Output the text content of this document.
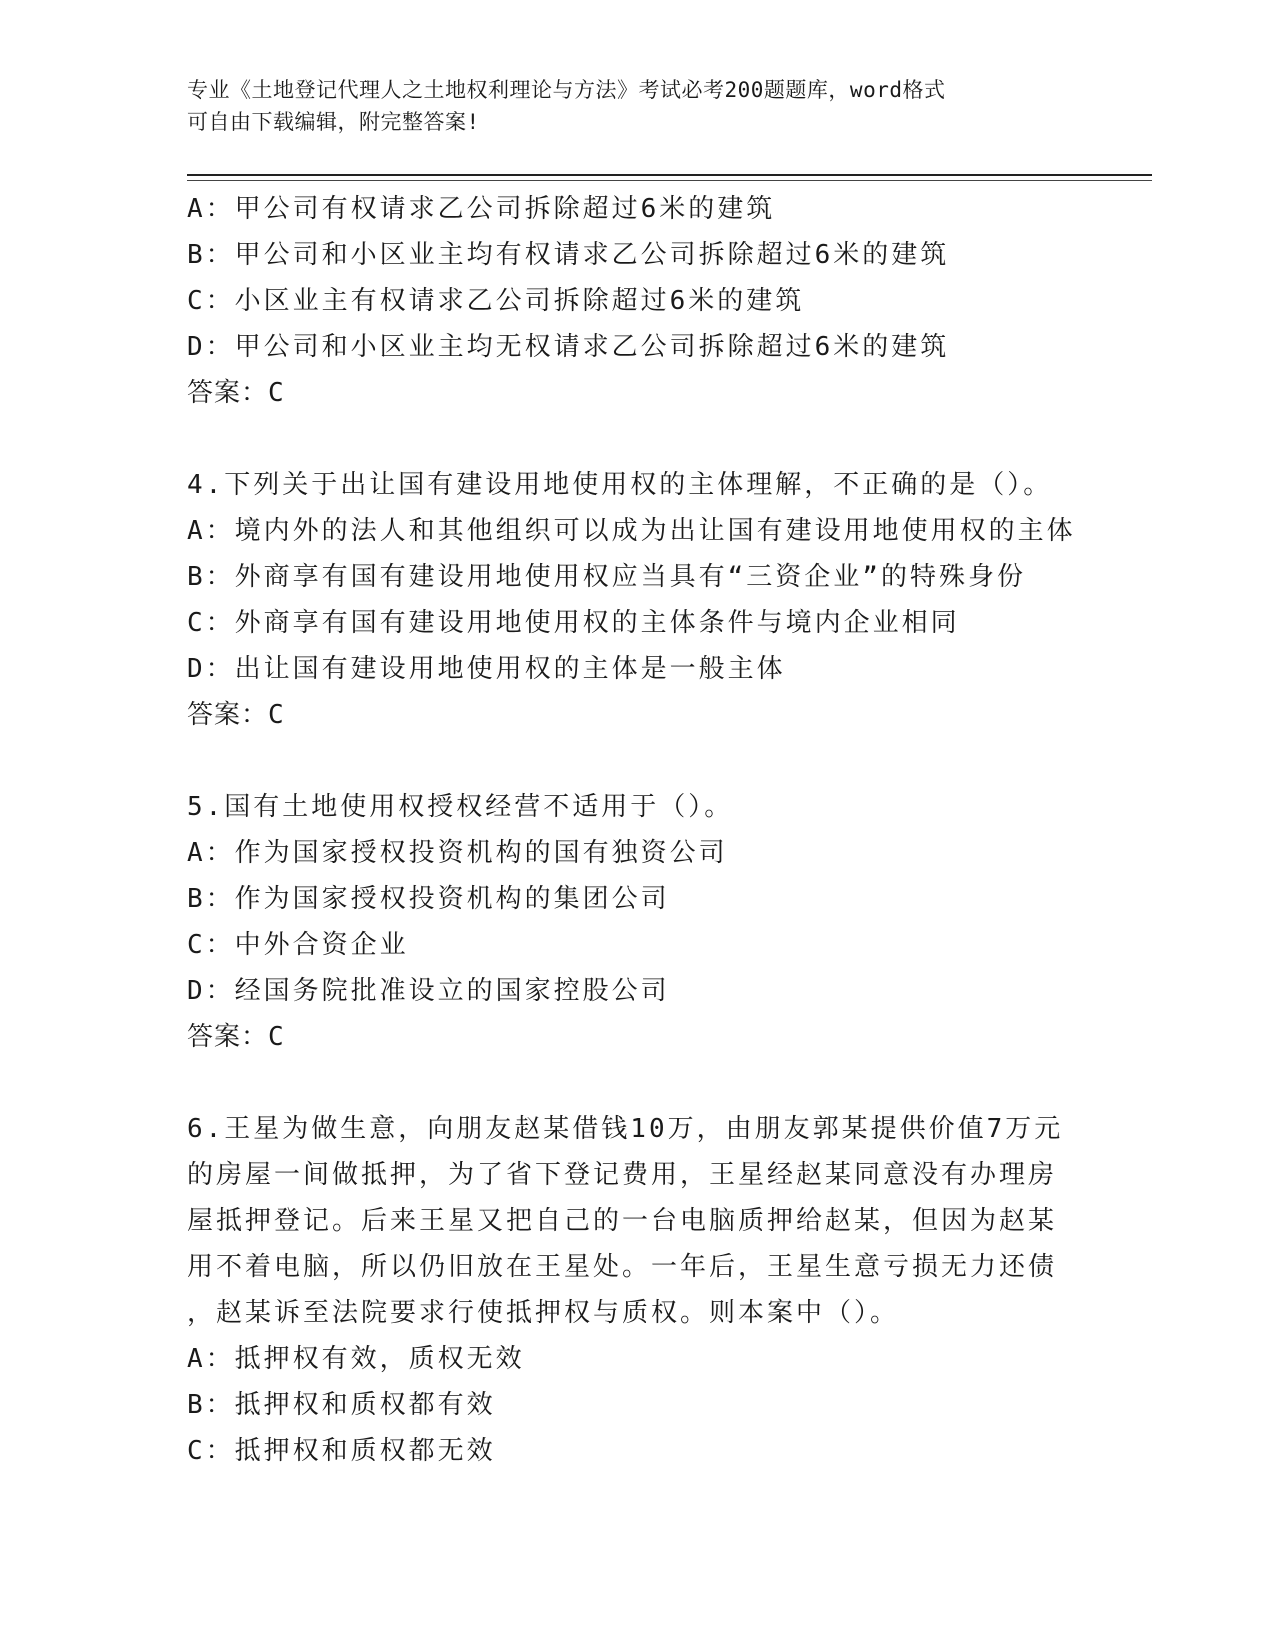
专业《土地登记代理人之土地权利理论与方法》考试必考200题题库，word格式
可自由下载编辑，附完整答案!
A：甲公司有权请求乙公司拆除超过6米的建筑
B：甲公司和小区业主均有权请求乙公司拆除超过6米的建筑
C：小区业主有权请求乙公司拆除超过6米的建筑
D：甲公司和小区业主均无权请求乙公司拆除超过6米的建筑
答案：C
4.下列关于出让国有建设用地使用权的主体理解，不正确的是（）。
A：境内外的法人和其他组织可以成为出让国有建设用地使用权的主体
B：外商享有国有建设用地使用权应当具有“三资企业”的特殊身份
C：外商享有国有建设用地使用权的主体条件与境内企业相同
D：出让国有建设用地使用权的主体是一般主体
答案：C
5.国有土地使用权授权经营不适用于（）。
A：作为国家授权投资机构的国有独资公司
B：作为国家授权投资机构的集团公司
C：中外合资企业
D：经国务院批准设立的国家控股公司
答案：C
6.王星为做生意，向朋友赵某借钱10万，由朋友郭某提供价值7万元
的房屋一间做抵押，为了省下登记费用，王星经赵某同意没有办理房
屋抵押登记。后来王星又把自己的一台电脑质押给赵某，但因为赵某
用不着电脑，所以仍旧放在王星处。一年后，王星生意亏损无力还债
，赵某诉至法院要求行使抵押权与质权。则本案中（）。
A：抵押权有效，质权无效
B：抵押权和质权都有效
C：抵押权和质权都无效
